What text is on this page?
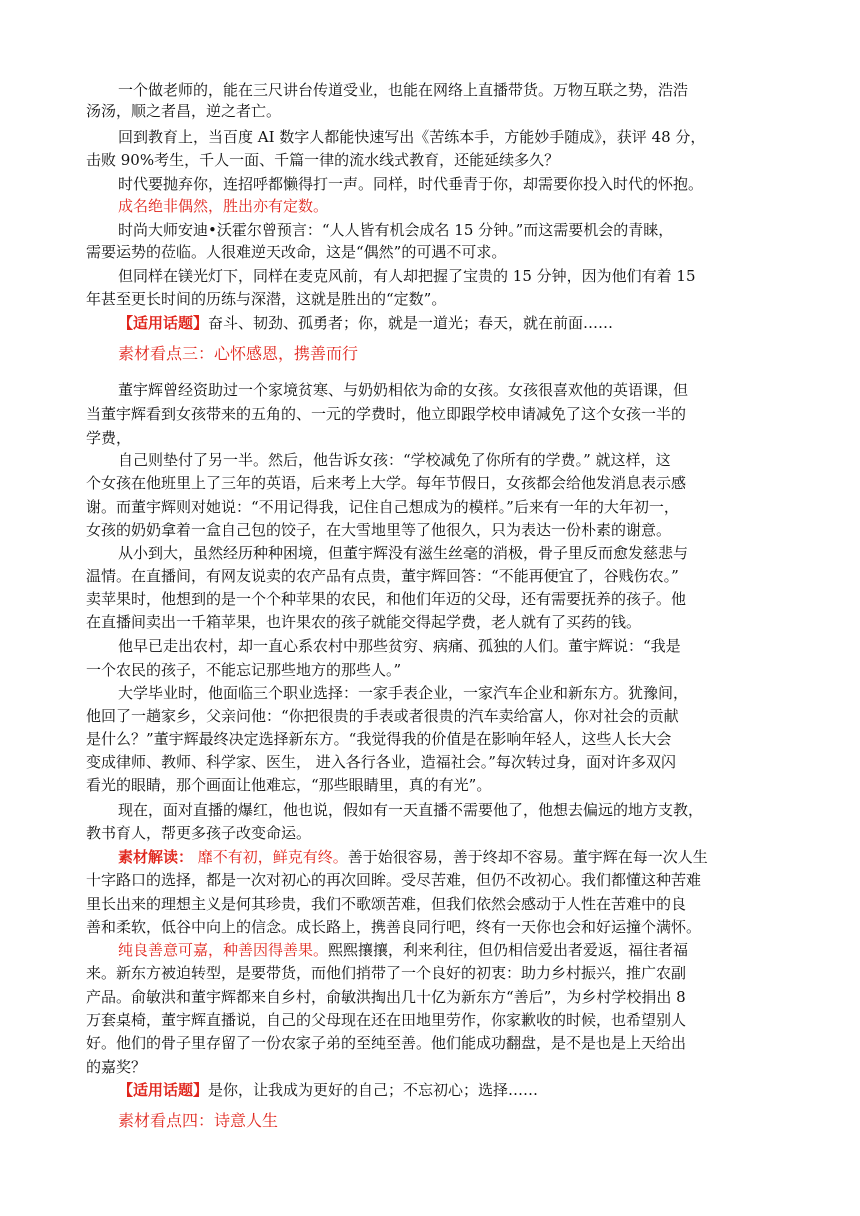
一个做老师的，能在三尺讲台传道受业，也能在网络上直播带货。万物互联之势，浩浩
汤汤，顺之者昌，逆之者亡。
回到教育上，当百度 AI 数字人都能快速写出《苦练本手，方能妙手随成》，获评 48 分，
击败 90%考生，千人一面、千篇一律的流水线式教育，还能延续多久？
时代要抛弃你，连招呼都懒得打一声。同样，时代垂青于你，却需要你投入时代的怀抱。
成名绝非偶然，胜出亦有定数。
时尚大师安迪•沃霍尔曾预言：“人人皆有机会成名 15 分钟。”而这需要机会的青睐，
需要运势的莅临。人很难逆天改命，这是“偶然”的可遇不可求。
但同样在镁光灯下，同样在麦克风前，有人却把握了宝贵的 15 分钟，因为他们有着 15
年甚至更长时间的历练与深潜，这就是胜出的“定数”。
【适用话题】奋斗、韧劲、孤勇者；你，就是一道光；春天，就在前面……
素材看点三：心怀感恩，携善而行
董宇辉曾经资助过一个家境贫寒、与奶奶相依为命的女孩。女孩很喜欢他的英语课，但
当董宇辉看到女孩带来的五角的、一元的学费时，他立即跟学校申请减免了这个女孩一半的
学费，
自己则垫付了另一半。然后，他告诉女孩：“学校减免了你所有的学费。” 就这样，这
个女孩在他班里上了三年的英语，后来考上大学。每年节假日，女孩都会给他发消息表示感
谢。而董宇辉则对她说：“不用记得我，记住自己想成为的模样。”后来有一年的大年初一，
女孩的奶奶拿着一盒自己包的饺子，在大雪地里等了他很久，只为表达一份朴素的谢意。
从小到大，虽然经历种种困境，但董宇辉没有滋生丝毫的消极，骨子里反而愈发慈悲与
温情。在直播间，有网友说卖的农产品有点贵，董宇辉回答：“不能再便宜了，谷贱伤农。”
卖苹果时，他想到的是一个个种苹果的农民，和他们年迈的父母，还有需要抚养的孩子。他
在直播间卖出一千箱苹果，也许果农的孩子就能交得起学费，老人就有了买药的钱。
他早已走出农村，却一直心系农村中那些贫穷、病痛、孤独的人们。董宇辉说：“我是
一个农民的孩子，不能忘记那些地方的那些人。”
大学毕业时，他面临三个职业选择：一家手表企业，一家汽车企业和新东方。犹豫间，
他回了一趟家乡，父亲问他：“你把很贵的手表或者很贵的汽车卖给富人，你对社会的贡献
是什么？”董宇辉最终决定选择新东方。“我觉得我的价值是在影响年轻人，这些人长大会
变成律师、教师、科学家、医生， 进入各行各业，造福社会。”每次转过身，面对许多双闪
看光的眼睛，那个画面让他难忘，“那些眼睛里，真的有光”。
现在，面对直播的爆红，他也说，假如有一天直播不需要他了，他想去偏远的地方支教，
教书育人，帮更多孩子改变命运。
素材解读： 靡不有初，鲜克有终。善于始很容易，善于终却不容易。董宇辉在每一次人生
十字路口的选择，都是一次对初心的再次回眸。受尽苦难，但仍不改初心。我们都懂这种苦难
里长出来的理想主义是何其珍贵，我们不歌颂苦难，但我们依然会感动于人性在苦难中的良
善和柔软，低谷中向上的信念。成长路上，携善良同行吧，终有一天你也会和好运撞个满怀。
纯良善意可嘉，种善因得善果。熙熙攘攘，利来利往，但仍相信爱出者爱返，福往者福
来。新东方被迫转型，是要带货，而他们捎带了一个良好的初衷：助力乡村振兴，推广农副
产品。俞敏洪和董宇辉都来自乡村，俞敏洪掏出几十亿为新东方“善后”，为乡村学校捐出 8
万套桌椅，董宇辉直播说，自己的父母现在还在田地里劳作，你家歉收的时候，也希望别人
好。他们的骨子里存留了一份农家子弟的至纯至善。他们能成功翻盘，是不是也是上天给出
的嘉奖？
【适用话题】是你，让我成为更好的自己；不忘初心；选择……
素材看点四：诗意人生
